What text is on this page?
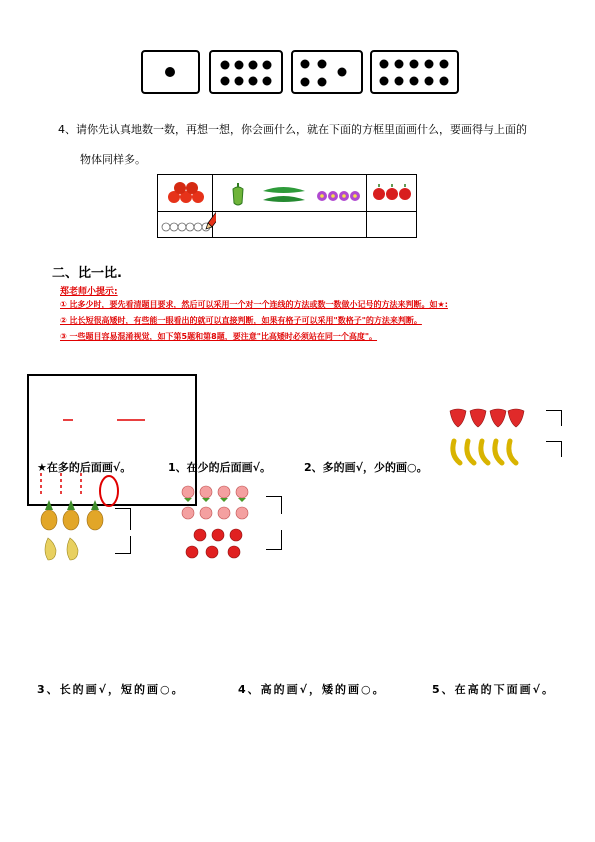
4、请你先认真地数一数，再想一想，你会画什么，就在下面的方框里面画什么，要画得与上面的
物体同样多。
二、比一比.
郑老师小提示:
① 比多少时，要先看清题目要求，然后可以采用一个对一个连线的方法或数一数做小记号的方法来判断。如★:
② 比长短很高矮时，有些能一眼看出的就可以直接判断，如果有格子可以采用"数格子"的方法来判断。
③ 一些题目容易混淆视觉，如下第5题和第8题，要注意"比高矮时必须站在同一个高度"。
★在多的后面画√。	1、在少的后面画√。	2、多的画√，少的画○。
3、长的画√，短的画○。	4、高的画√，矮的画○。	5、在高的下面画√。
